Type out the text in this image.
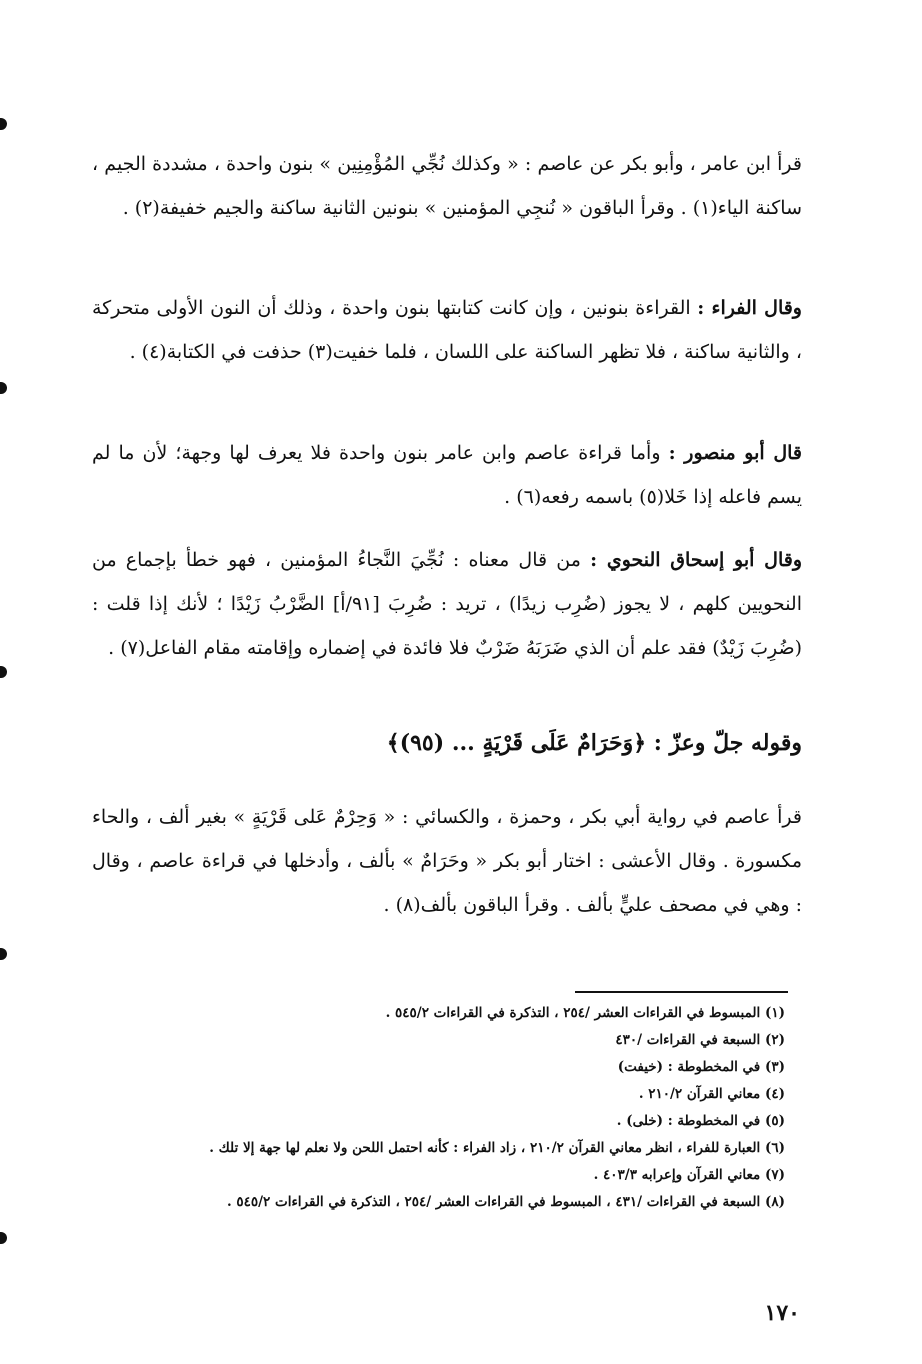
قرأ ابن عامر ، وأبو بكر عن عاصم : « وكذلك نُجِّي المُؤْمِنِين » بنون واحدة ، مشددة الجيم ، ساكنة الياء(١) . وقرأ الباقون « نُنجِي المؤمنين » بنونين الثانية ساكنة والجيم خفيفة(٢) .
وقال الفراء : القراءة بنونين ، وإن كانت كتابتها بنون واحدة ، وذلك أن النون الأولى متحركة ، والثانية ساكنة ، فلا تظهر الساكنة على اللسان ، فلما خفيت(٣) حذفت في الكتابة(٤) .
قال أبو منصور : وأما قراءة عاصم وابن عامر بنون واحدة فلا يعرف لها وجهة؛ لأن ما لم يسم فاعله إذا خَلا(٥) باسمه رفعه(٦) .
وقال أبو إسحاق النحوي : من قال معناه : نُجِّيَ النَّجاءُ المؤمنين ، فهو خطأ بإجماع من النحويين كلهم ، لا يجوز (ضُرِب زيدًا) ، تريد : ضُرِبَ [٩١/أ] الضَّرْبُ زَيْدًا ؛ لأنك إذا قلت : (ضُرِبَ زَيْدٌ) فقد علم أن الذي ضَرَبَهُ ضَرْبٌ فلا فائدة في إضماره وإقامته مقام الفاعل(٧) .
وقوله جلّ وعزّ : ﴿وَحَرَامٌ عَلَى قَرْيَةٍ ... (٩٥)﴾
قرأ عاصم في رواية أبي بكر ، وحمزة ، والكسائي : « وَحِرْمٌ عَلى قَرْيَةٍ » بغير ألف ، والحاء مكسورة . وقال الأعشى : اختار أبو بكر « وحَرَامٌ » بألف ، وأدخلها في قراءة عاصم ، وقال : وهي في مصحف عليٍّ بألف . وقرأ الباقون بألف(٨) .
(١) المبسوط في القراءات العشر /٢٥٤ ، التذكرة في القراءات ٥٤٥/٢ .
(٢) السبعة في القراءات /٤٣٠
(٣) في المخطوطة : (خيفت)
(٤) معاني القرآن ٢١٠/٢ .
(٥) في المخطوطة : (خلى) .
(٦) العبارة للفراء ، انظر معاني القرآن ٢١٠/٢ ، زاد الفراء : كأنه احتمل اللحن ولا نعلم لها جهة إلا تلك .
(٧) معاني القرآن وإعرابه ٤٠٣/٣ .
(٨) السبعة في القراءات /٤٣١ ، المبسوط في القراءات العشر /٢٥٤ ، التذكرة في القراءات ٥٤٥/٢ .
١٧٠
